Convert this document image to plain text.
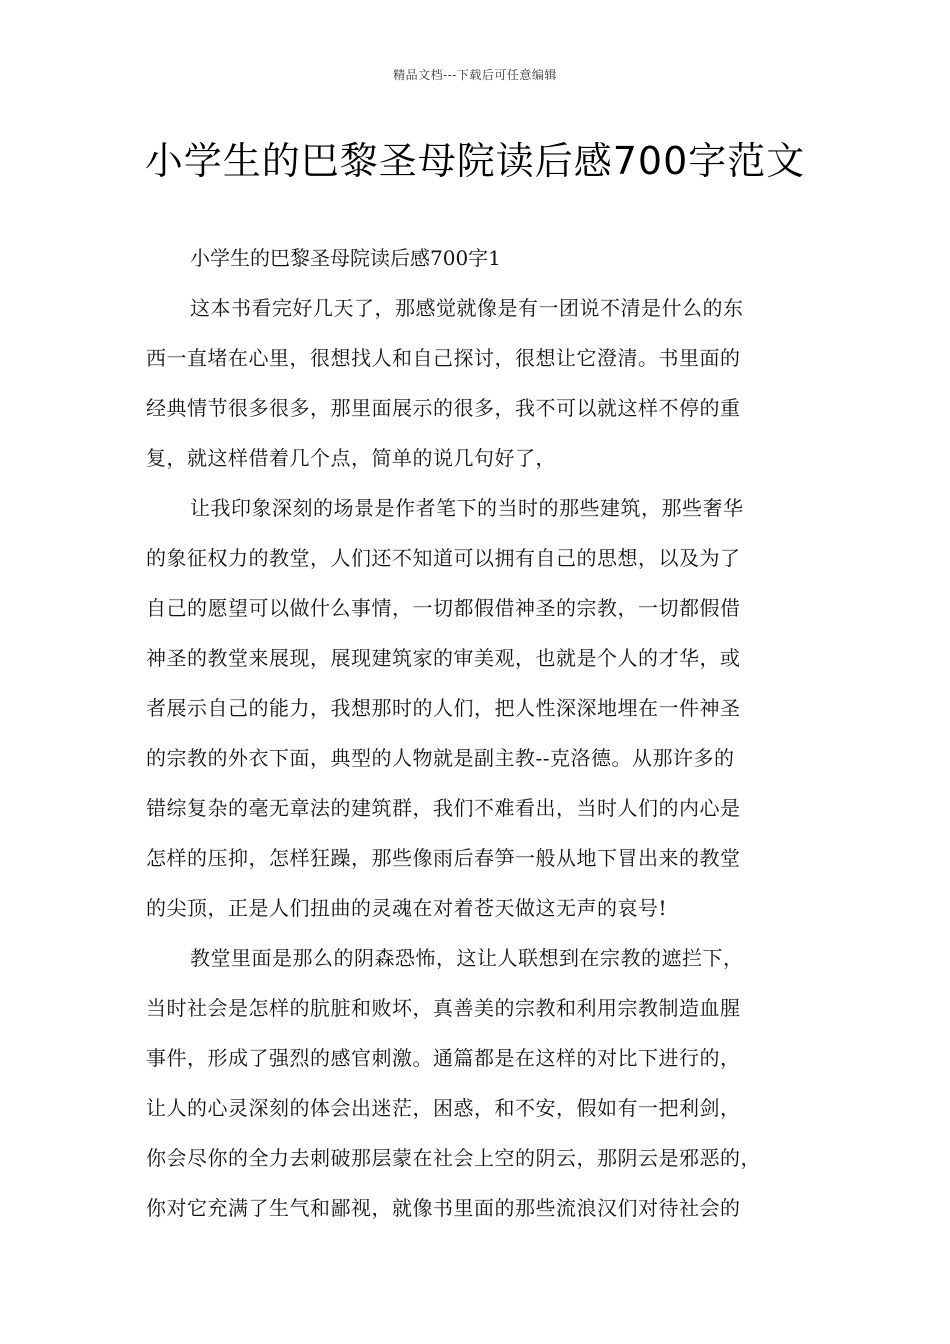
精品文档---下载后可任意编辑
小学生的巴黎圣母院读后感700字范文

小学生的巴黎圣母院读后感700字1

这本书看完好几天了，那感觉就像是有一团说不清是什么的东

西一直堵在心里，很想找人和自己探讨，很想让它澄清。书里面的

经典情节很多很多，那里面展示的很多，我不可以就这样不停的重

复，就这样借着几个点，简单的说几句好了，

让我印象深刻的场景是作者笔下的当时的那些建筑，那些奢华

的象征权力的教堂，人们还不知道可以拥有自己的思想，以及为了

自己的愿望可以做什么事情，一切都假借神圣的宗教，一切都假借

神圣的教堂来展现，展现建筑家的审美观，也就是个人的才华，或

者展示自己的能力，我想那时的人们，把人性深深地埋在一件神圣

的宗教的外衣下面，典型的人物就是副主教--克洛德。从那许多的

错综复杂的毫无章法的建筑群，我们不难看出，当时人们的内心是

怎样的压抑，怎样狂躁，那些像雨后春笋一般从地下冒出来的教堂

的尖顶，正是人们扭曲的灵魂在对着苍天做这无声的哀号!

教堂里面是那么的阴森恐怖，这让人联想到在宗教的遮拦下，

当时社会是怎样的肮脏和败坏，真善美的宗教和利用宗教制造血腥

事件，形成了强烈的感官刺激。通篇都是在这样的对比下进行的，

让人的心灵深刻的体会出迷茫，困惑，和不安，假如有一把利剑，

你会尽你的全力去刺破那层蒙在社会上空的阴云，那阴云是邪恶的，

你对它充满了生气和鄙视，就像书里面的那些流浪汉们对待社会的
